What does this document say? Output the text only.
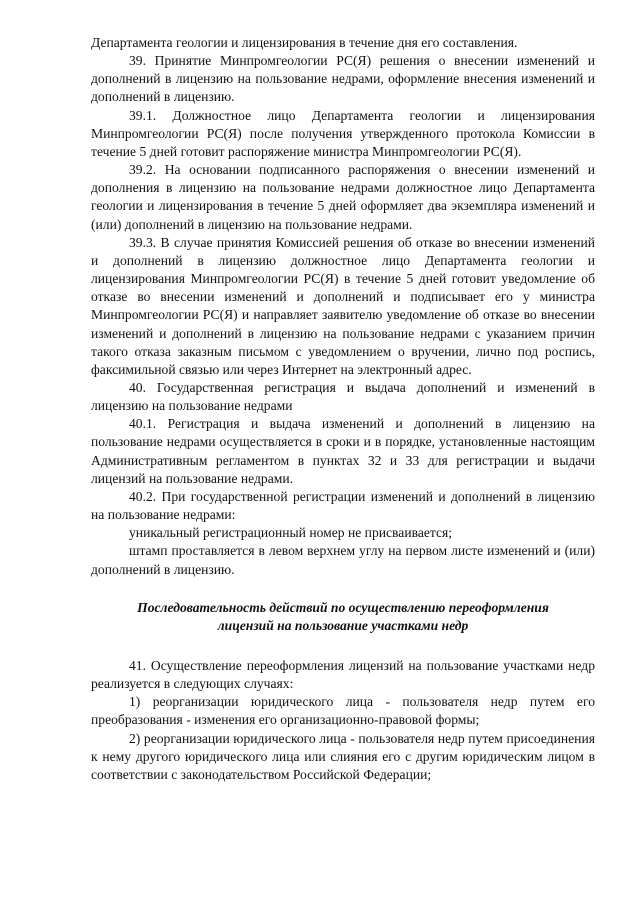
Департамента геологии и лицензирования в течение дня его составления.

39. Принятие Минпромгеологии РС(Я) решения о внесении изменений и дополнений в лицензию на пользование недрами, оформление внесения изменений и дополнений в лицензию.

39.1. Должностное лицо Департамента геологии и лицензирования Минпромгеологии РС(Я) после получения утвержденного протокола Комиссии в течение 5 дней готовит распоряжение министра Минпромгеологии РС(Я).

39.2. На основании подписанного распоряжения о внесении изменений и дополнения в лицензию на пользование недрами должностное лицо Департамента геологии и лицензирования в течение 5 дней оформляет два экземпляра изменений и (или) дополнений в лицензию на пользование недрами.

39.3. В случае принятия Комиссией решения об отказе во внесении изменений и дополнений в лицензию должностное лицо Департамента геологии и лицензирования Минпромгеологии РС(Я) в течение 5 дней готовит уведомление об отказе во внесении изменений и дополнений и подписывает его у министра Минпромгеологии РС(Я) и направляет заявителю уведомление об отказе во внесении изменений и дополнений в лицензию на пользование недрами с указанием причин такого отказа заказным письмом с уведомлением о вручении, лично под роспись, факсимильной связью или через Интернет на электронный адрес.

40. Государственная регистрация и выдача дополнений и изменений в лицензию на пользование недрами

40.1. Регистрация и выдача изменений и дополнений в лицензию на пользование недрами осуществляется в сроки и в порядке, установленные настоящим Административным регламентом в пунктах 32 и 33 для регистрации и выдачи лицензий на пользование недрами.

40.2. При государственной регистрации изменений и дополнений в лицензию на пользование недрами:

уникальный регистрационный номер не присваивается;

штамп проставляется в левом верхнем углу на первом листе изменений и (или) дополнений в лицензию.

Последовательность действий по осуществлению переоформления
лицензий на пользование участками недр

41. Осуществление переоформления лицензий на пользование участками недр реализуется в следующих случаях:

1) реорганизации юридического лица - пользователя недр путем его преобразования - изменения его организационно-правовой формы;

2) реорганизации юридического лица - пользователя недр путем присоединения к нему другого юридического лица или слияния его с другим юридическим лицом в соответствии с законодательством Российской Федерации;
